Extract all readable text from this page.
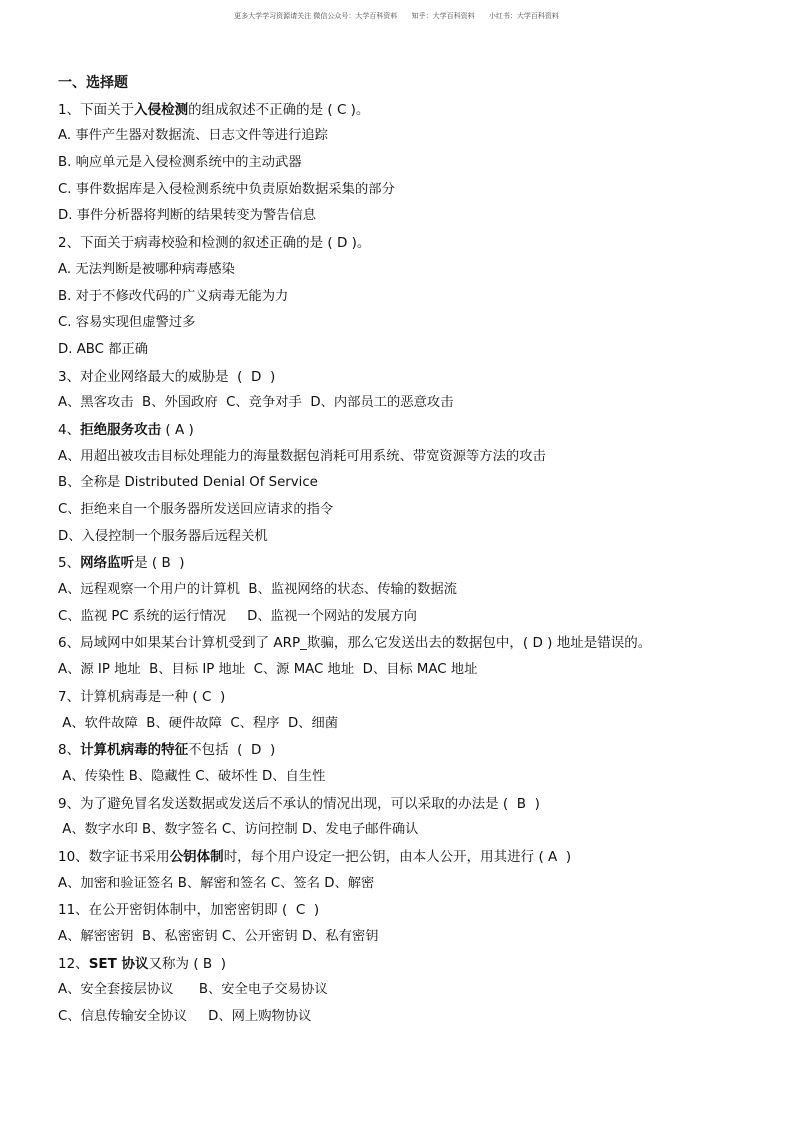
更多大学学习资源请关注 微信公众号：大学百科资料 知乎：大学百科资料 小红书：大学百科资料
一、选择题
1、下面关于入侵检测的组成叙述不正确的是 ( C )。
A. 事件产生器对数据流、日志文件等进行追踪
B. 响应单元是入侵检测系统中的主动武器
C. 事件数据库是入侵检测系统中负责原始数据采集的部分
D. 事件分析器将判断的结果转变为警告信息
2、下面关于病毒校验和检测的叙述正确的是 ( D )。
A. 无法判断是被哪种病毒感染
B. 对于不修改代码的广义病毒无能为力
C. 容易实现但虚警过多
D. ABC 都正确
3、对企业网络最大的威胁是  (  D  )
A、黑客攻击  B、外国政府  C、竞争对手  D、内部员工的恶意攻击
4、拒绝服务攻击 ( A )
A、用超出被攻击目标处理能力的海量数据包消耗可用系统、带宽资源等方法的攻击
B、全称是 Distributed Denial Of Service
C、拒绝来自一个服务器所发送回应请求的指令
D、入侵控制一个服务器后远程关机
5、网络监听是 ( B  )
A、远程观察一个用户的计算机  B、监视网络的状态、传输的数据流
C、监视 PC 系统的运行情况     D、监视一个网站的发展方向
6、局域网中如果某台计算机受到了 ARP_欺骗，那么它发送出去的数据包中，( D ) 地址是错误的。
A、源 IP 地址  B、目标 IP 地址  C、源 MAC 地址  D、目标 MAC 地址
7、计算机病毒是一种 ( C  )
A、软件故障  B、硬件故障  C、程序  D、细菌
8、计算机病毒的特征不包括  (  D  )
A、传染性 B、隐藏性 C、破坏性 D、自生性
9、为了避免冒名发送数据或发送后不承认的情况出现，可以采取的办法是 (  B  )
A、数字水印 B、数字签名 C、访问控制 D、发电子邮件确认
10、数字证书采用公钥体制时，每个用户设定一把公钥，由本人公开，用其进行 ( A  )
A、加密和验证签名 B、解密和签名 C、签名 D、解密
11、在公开密钥体制中，加密密钥即 (  C  )
A、解密密钥  B、私密密钥 C、公开密钥 D、私有密钥
12、SET 协议又称为 ( B  )
A、安全套接层协议      B、安全电子交易协议
C、信息传输安全协议     D、网上购物协议
